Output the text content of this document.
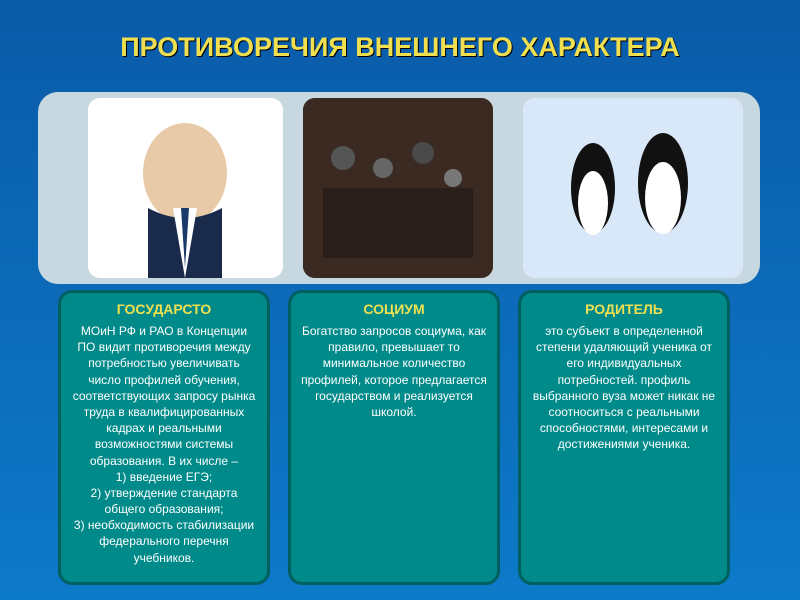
ПРОТИВОРЕЧИЯ ВНЕШНЕГО ХАРАКТЕРА
ГОСУДАРСТО
МОиН РФ и РАО в Концепции ПО видит противоречия между потребностью увеличивать число профилей обучения, соответствующих запросу рынка труда в квалифицированных кадрах и реальными возможностями системы образования. В их числе –
1) введение ЕГЭ;
2) утверждение стандарта общего образования;
3) необходимость стабилизации федерального перечня учебников.
СОЦИУМ
Богатство запросов социума, как правило, превышает то минимальное количество профилей, которое предлагается государством и реализуется школой.
РОДИТЕЛЬ
это субъект в определенной степени удаляющий ученика от его индивидуальных потребностей. профиль выбранного вуза может никак не соотноситься с реальными способностями, интересами и достижениями ученика.
